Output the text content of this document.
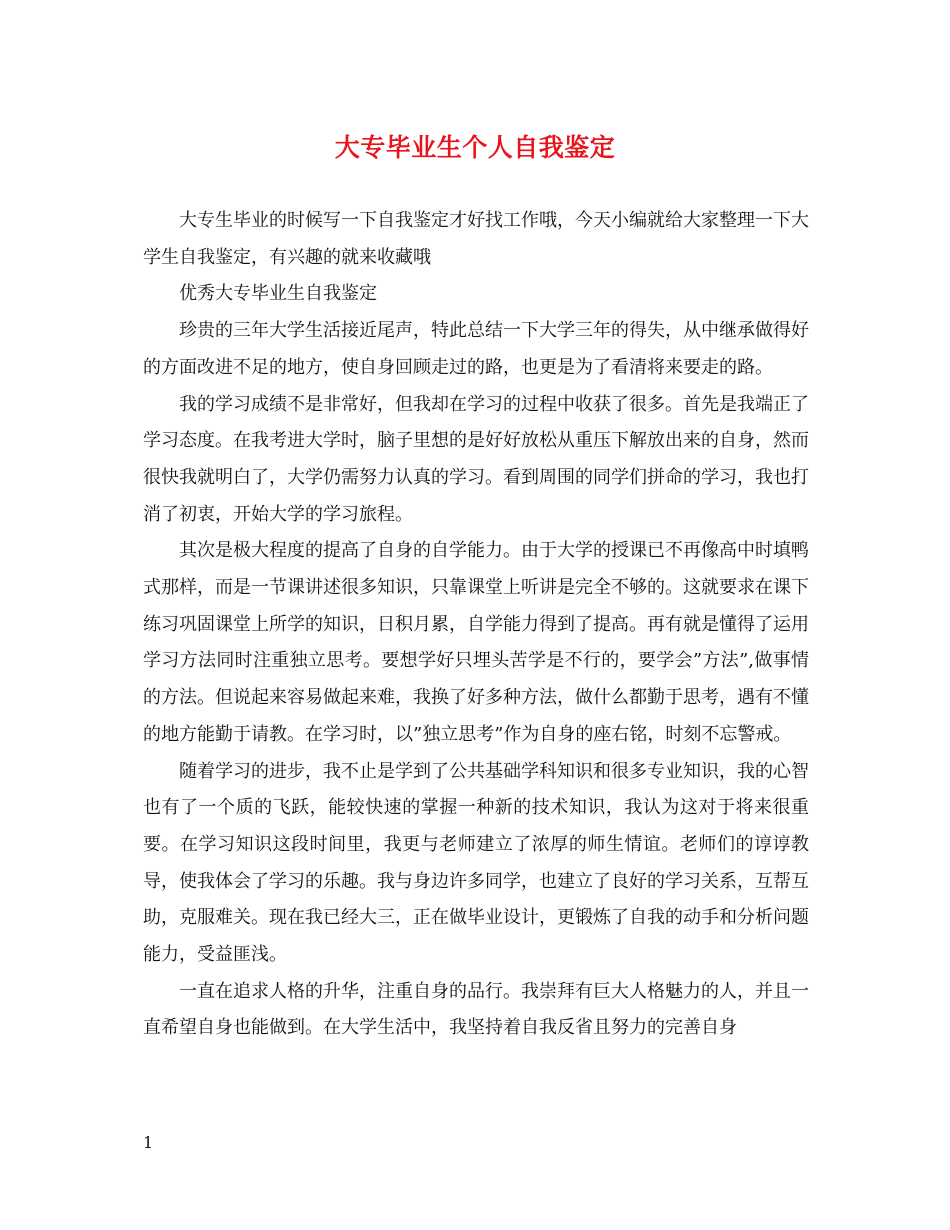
大专毕业生个人自我鉴定

大专生毕业的时候写一下自我鉴定才好找工作哦，今天小编就给大家整理一下大学生自我鉴定，有兴趣的就来收藏哦

优秀大专毕业生自我鉴定

珍贵的三年大学生活接近尾声，特此总结一下大学三年的得失，从中继承做得好的方面改进不足的地方，使自身回顾走过的路，也更是为了看清将来要走的路。

我的学习成绩不是非常好，但我却在学习的过程中收获了很多。首先是我端正了学习态度。在我考进大学时，脑子里想的是好好放松从重压下解放出来的自身，然而很快我就明白了，大学仍需努力认真的学习。看到周围的同学们拼命的学习，我也打消了初衷，开始大学的学习旅程。

其次是极大程度的提高了自身的自学能力。由于大学的授课已不再像高中时填鸭式那样，而是一节课讲述很多知识，只靠课堂上听讲是完全不够的。这就要求在课下练习巩固课堂上所学的知识，日积月累，自学能力得到了提高。再有就是懂得了运用学习方法同时注重独立思考。要想学好只埋头苦学是不行的，要学会”方法”,做事情的方法。但说起来容易做起来难，我换了好多种方法，做什么都勤于思考，遇有不懂的地方能勤于请教。在学习时，以”独立思考”作为自身的座右铭，时刻不忘警戒。

随着学习的进步，我不止是学到了公共基础学科知识和很多专业知识，我的心智也有了一个质的飞跃，能较快速的掌握一种新的技术知识，我认为这对于将来很重要。在学习知识这段时间里，我更与老师建立了浓厚的师生情谊。老师们的谆谆教导，使我体会了学习的乐趣。我与身边许多同学，也建立了良好的学习关系，互帮互助，克服难关。现在我已经大三，正在做毕业设计，更锻炼了自我的动手和分析问题能力，受益匪浅。

一直在追求人格的升华，注重自身的品行。我崇拜有巨大人格魅力的人，并且一直希望自身也能做到。在大学生活中，我坚持着自我反省且努力的完善自身

1
